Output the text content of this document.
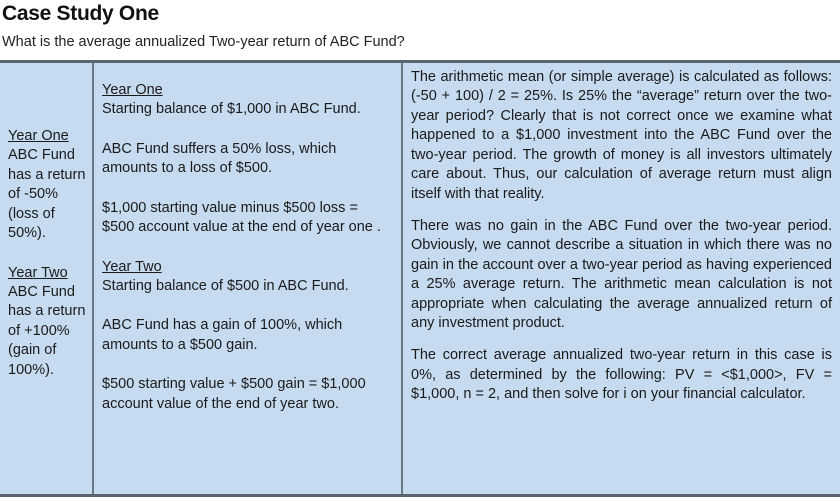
Case Study One
What is the average annualized Two-year return of ABC Fund?

Year One

ABC Fund has a return of -50% (loss of 50%).

Year Two

ABC Fund has a return of +100% (gain of 100%).

Year One

Starting balance of $1,000 in ABC Fund.

ABC Fund suffers a 50% loss, which amounts to a loss of $500.

$1,000 starting value minus $500 loss = $500 account value at the end of year one .

Year Two

Starting balance of $500 in ABC Fund.

ABC Fund has a gain of 100%, which amounts to a $500 gain.

$500 starting value + $500 gain = $1,000 account value of the end of year two.

The arithmetic mean (or simple average) is calculated as follows: (-50 + 100) / 2 = 25%. Is 25% the “average” return over the two-year period? Clearly that is not correct once we examine what happened to a $1,000 investment into the ABC Fund over the two-year period. The growth of money is all investors ultimately care about. Thus, our calculation of average return must align itself with that reality.

There was no gain in the ABC Fund over the two-year period. Obviously, we cannot describe a situation in which there was no gain in the account over a two-year period as having experienced a 25% average return. The arithmetic mean calculation is not appropriate when calculating the average annualized return of any investment product.

The correct average annualized two-year return in this case is 0%, as determined by the following: PV = <$1,000>, FV = $1,000, n = 2, and then solve for i on your financial calculator.
